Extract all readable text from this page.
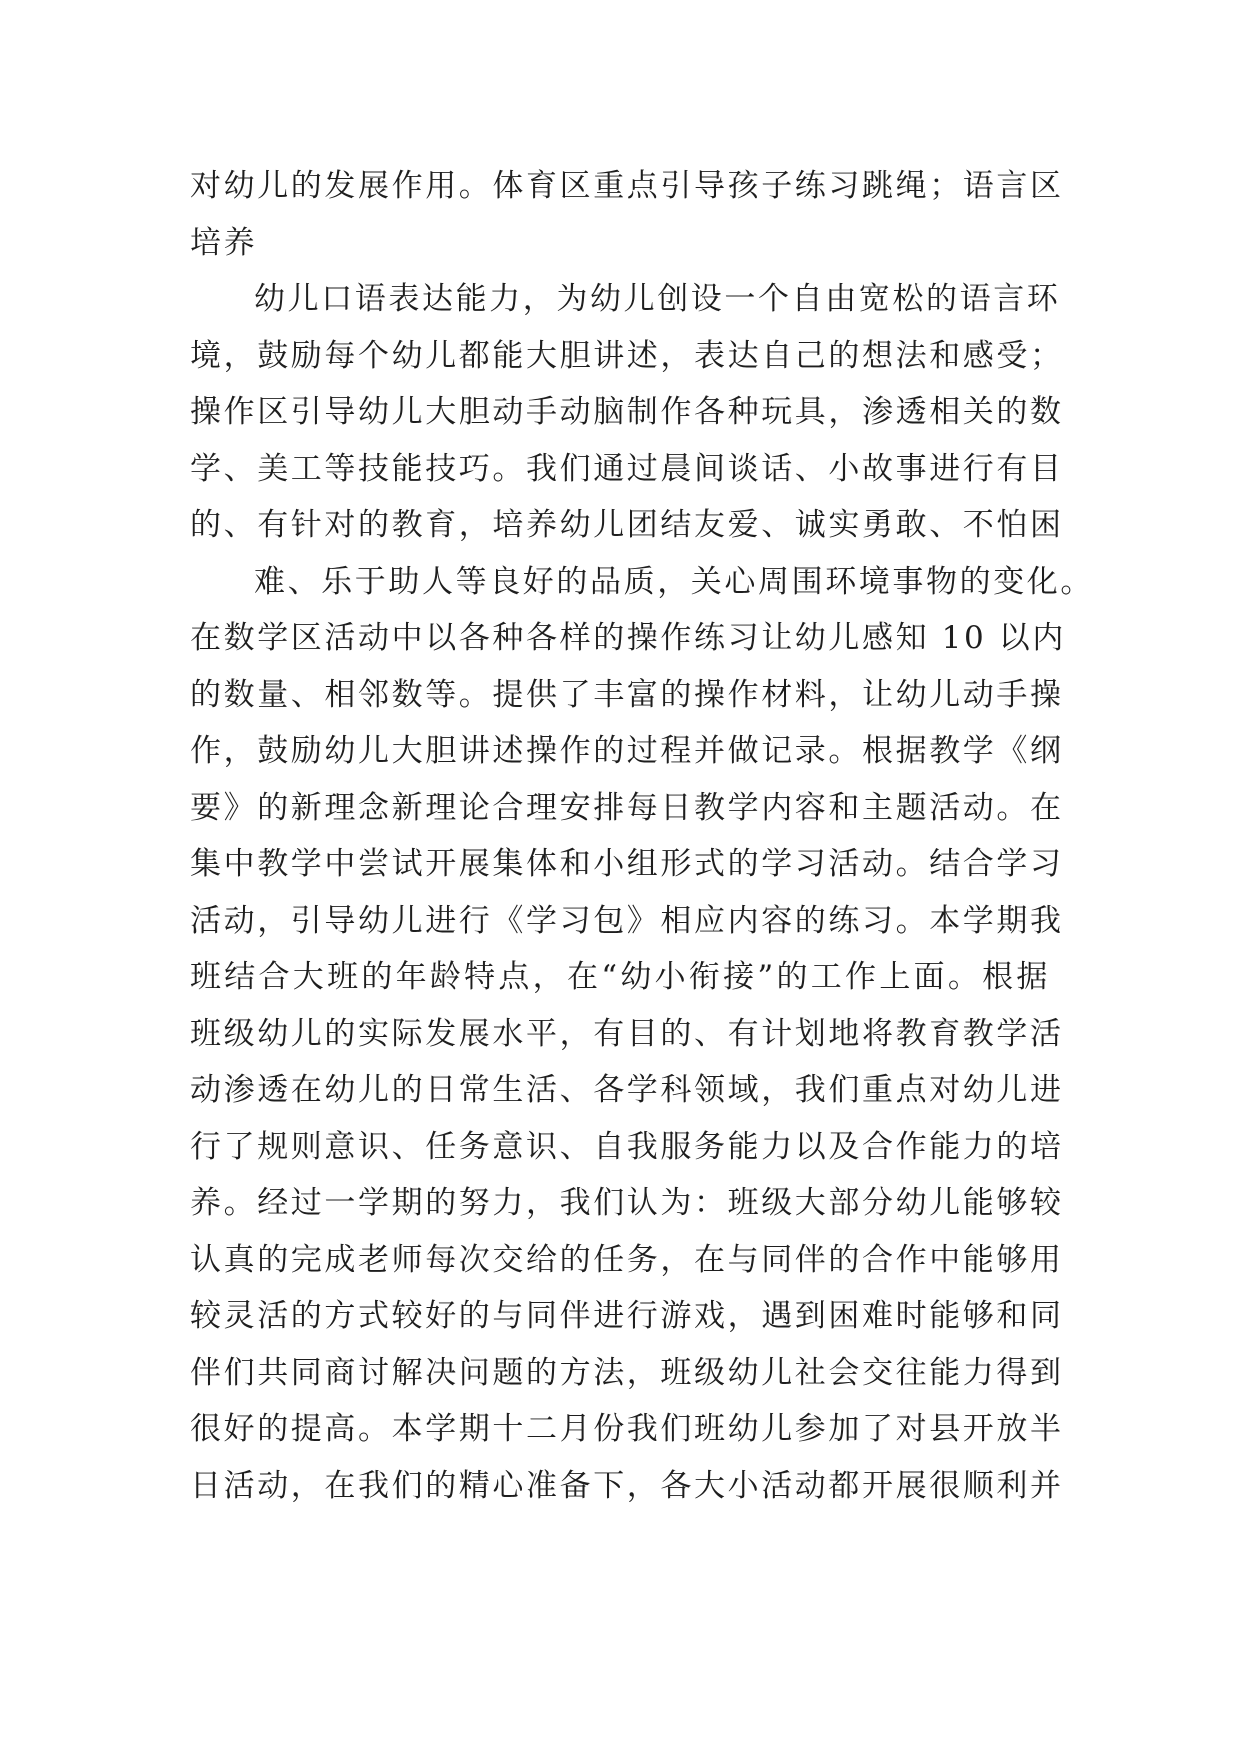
对幼儿的发展作用。体育区重点引导孩子练习跳绳；语言区

培养

幼儿口语表达能力，为幼儿创设一个自由宽松的语言环

境，鼓励每个幼儿都能大胆讲述，表达自己的想法和感受；

操作区引导幼儿大胆动手动脑制作各种玩具，渗透相关的数

学、美工等技能技巧。我们通过晨间谈话、小故事进行有目

的、有针对的教育，培养幼儿团结友爱、诚实勇敢、不怕困

难、乐于助人等良好的品质，关心周围环境事物的变化。

在数学区活动中以各种各样的操作练习让幼儿感知 10 以内

的数量、相邻数等。提供了丰富的操作材料，让幼儿动手操

作，鼓励幼儿大胆讲述操作的过程并做记录。根据教学《纲

要》的新理念新理论合理安排每日教学内容和主题活动。在

集中教学中尝试开展集体和小组形式的学习活动。结合学习

活动，引导幼儿进行《学习包》相应内容的练习。本学期我

班结合大班的年龄特点，在“幼小衔接”的工作上面。根据

班级幼儿的实际发展水平，有目的、有计划地将教育教学活

动渗透在幼儿的日常生活、各学科领域，我们重点对幼儿进

行了规则意识、任务意识、自我服务能力以及合作能力的培

养。经过一学期的努力，我们认为：班级大部分幼儿能够较

认真的完成老师每次交给的任务，在与同伴的合作中能够用

较灵活的方式较好的与同伴进行游戏，遇到困难时能够和同

伴们共同商讨解决问题的方法，班级幼儿社会交往能力得到

很好的提高。本学期十二月份我们班幼儿参加了对县开放半

日活动，在我们的精心准备下，各大小活动都开展很顺利并
